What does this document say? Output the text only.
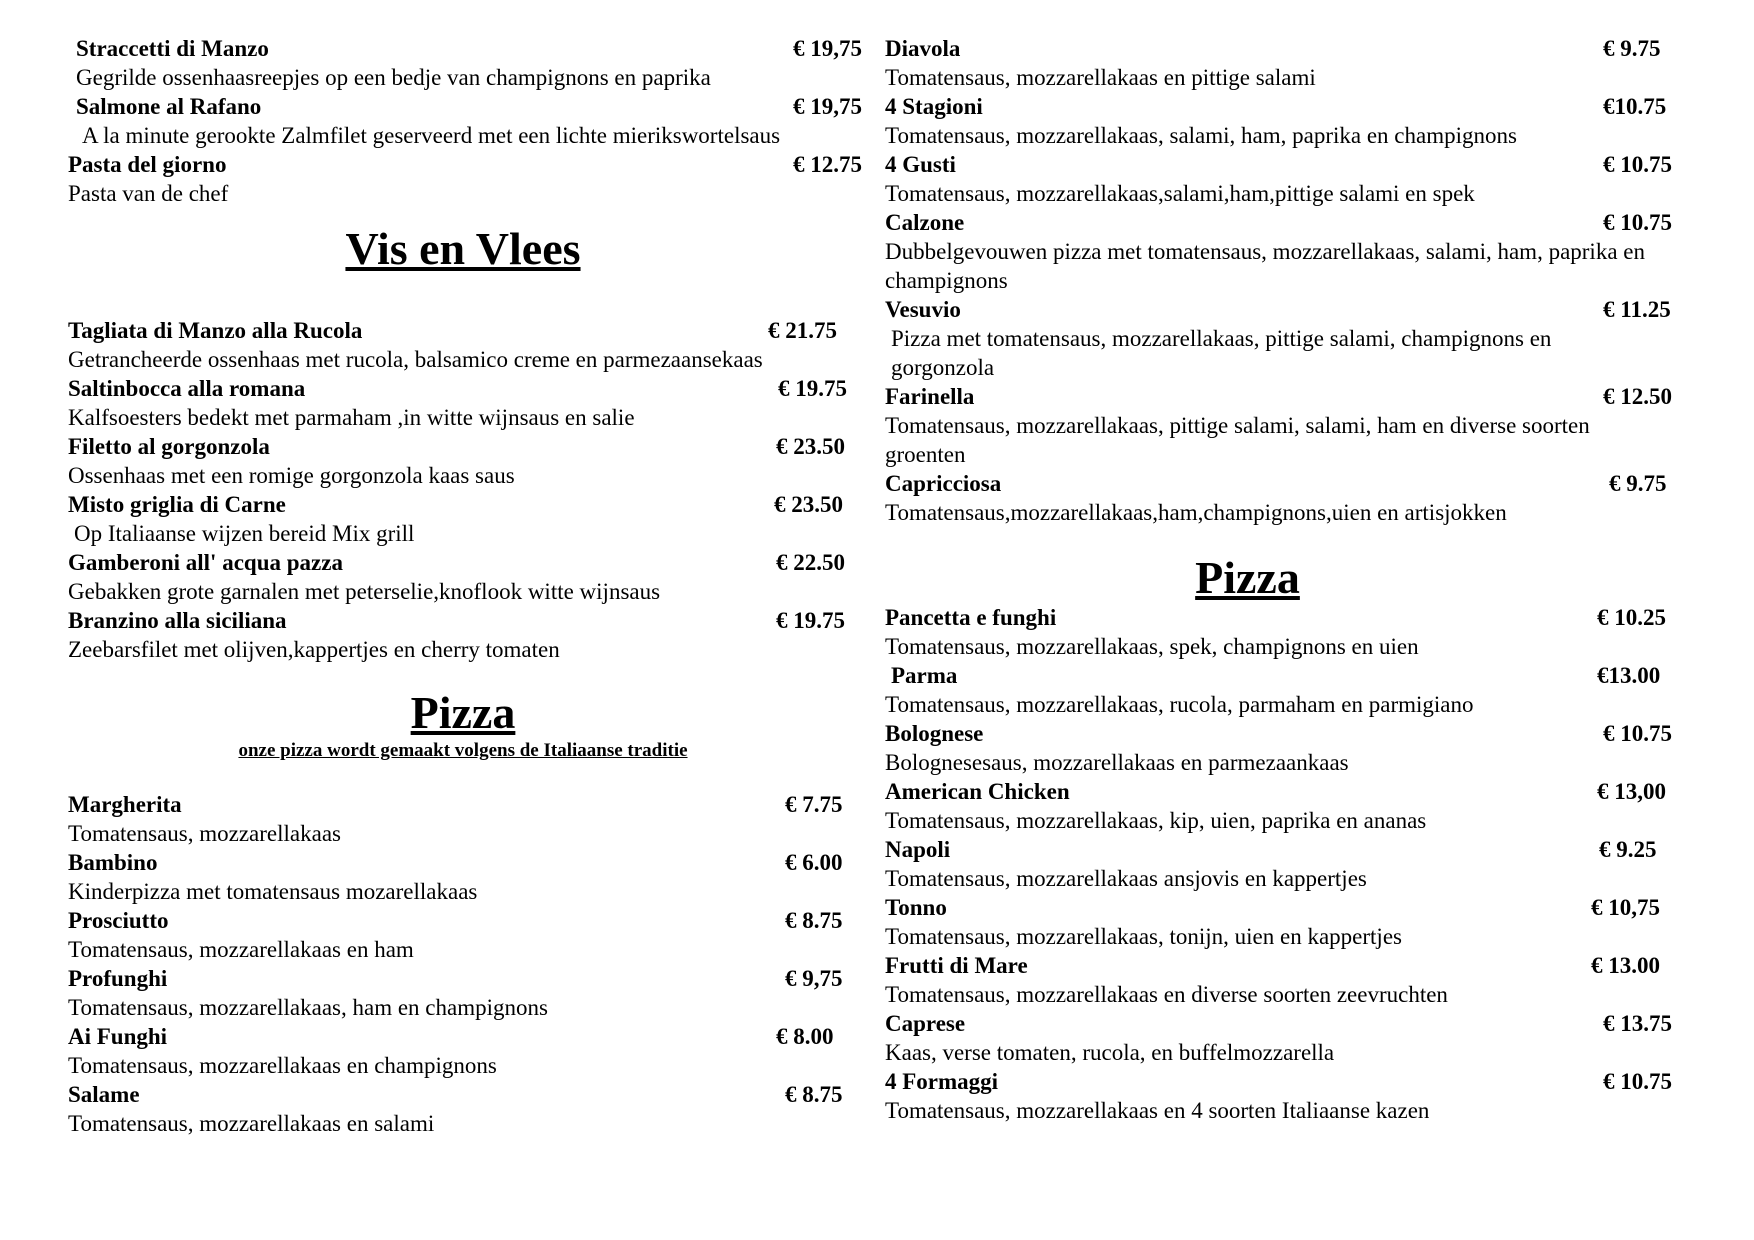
Straccetti di Manzo	€ 19,75
Gegrilde ossenhaasreepjes op een bedje van champignons en paprika
Salmone al Rafano	€ 19,75
A la minute gerookte Zalmfilet geserveerd met een lichte mierikswortelsaus
Pasta del giorno	€ 12.75
Pasta van de chef
Vis en Vlees
Tagliata di Manzo alla Rucola	€ 21.75
Getrancheerde ossenhaas met rucola, balsamico creme en parmezaansekaas
Saltinbocca alla romana	€ 19.75
Kalfsoesters bedekt met parmaham ,in witte wijnsaus en salie
Filetto al gorgonzola	€ 23.50
Ossenhaas met een romige gorgonzola kaas saus
Misto griglia di Carne	€ 23.50
Op Italiaanse wijzen bereid Mix grill
Gamberoni all' acqua pazza	€ 22.50
Gebakken grote garnalen met peterselie,knoflook witte wijnsaus
Branzino alla siciliana	€ 19.75
Zeebarsfilet met olijven,kappertjes en cherry tomaten
Pizza
onze pizza wordt gemaakt volgens de Italiaanse traditie
Margherita	€ 7.75
Tomatensaus, mozzarellakaas
Bambino	€ 6.00
Kinderpizza met tomatensaus mozarellakaas
Prosciutto	€ 8.75
Tomatensaus, mozzarellakaas en ham
Profunghi	€ 9,75
Tomatensaus, mozzarellakaas, ham en champignons
Ai Funghi	€ 8.00
Tomatensaus, mozzarellakaas en champignons
Salame	€ 8.75
Tomatensaus, mozzarellakaas en salami
Diavola	€ 9.75
Tomatensaus, mozzarellakaas en pittige salami
4 Stagioni	€10.75
Tomatensaus, mozzarellakaas, salami, ham, paprika en champignons
4 Gusti	€ 10.75
Tomatensaus, mozzarellakaas,salami,ham,pittige salami en spek
Calzone	€ 10.75
Dubbelgevouwen pizza met tomatensaus, mozzarellakaas, salami, ham, paprika en champignons
Vesuvio	€ 11.25
Pizza met tomatensaus, mozzarellakaas, pittige salami, champignons en gorgonzola
Farinella	€ 12.50
Tomatensaus, mozzarellakaas, pittige salami, salami, ham en diverse soorten groenten
Capricciosa	€ 9.75
Tomatensaus,mozzarellakaas,ham,champignons,uien en artisjokken
Pizza
Pancetta e funghi	€ 10.25
Tomatensaus, mozzarellakaas, spek, champignons en uien
Parma	€13.00
Tomatensaus, mozzarellakaas, rucola, parmaham en parmigiano
Bolognese	€ 10.75
Bolognesesaus, mozzarellakaas en parmezaankaas
American Chicken	€ 13,00
Tomatensaus, mozzarellakaas, kip, uien, paprika en ananas
Napoli	€ 9.25
Tomatensaus, mozzarellakaas ansjovis en kappertjes
Tonno	€ 10,75
Tomatensaus, mozzarellakaas, tonijn, uien en kappertjes
Frutti di Mare	€ 13.00
Tomatensaus, mozzarellakaas en diverse soorten zeevruchten
Caprese	€ 13.75
Kaas, verse tomaten, rucola, en buffelmozzarella
4 Formaggi	€ 10.75
Tomatensaus, mozzarellakaas en 4 soorten Italiaanse kazen
